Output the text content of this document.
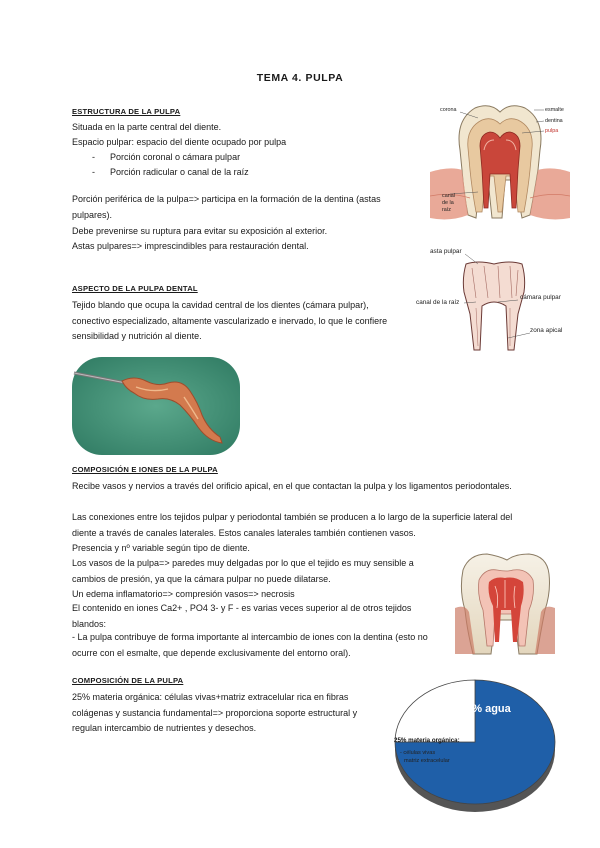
TEMA 4. PULPA
ESTRUCTURA DE LA PULPA
Situada en la parte central del diente.
Espacio pulpar: espacio del diente ocupado por pulpa
- Porción coronal o cámara pulpar
- Porción radicular o canal de la raíz
Porción periférica de la pulpa=> participa en la formación de la dentina (astas pulpares).
Debe prevenirse su ruptura para evitar su exposición al exterior.
Astas pulpares=> imprescindibles para restauración dental.
corona	esmalte
dentina
pulpa
canal
de la
raíz
ASPECTO DE LA PULPA DENTAL
Tejido blando que ocupa la cavidad central de los dientes (cámara pulpar), conectivo especializado, altamente vascularizado e inervado, lo que le confiere sensibilidad y nutrición al diente.
asta pulpar
cámara pulpar
canal de la raíz
zona apical
COMPOSICIÓN E IONES DE LA PULPA
Recibe vasos y nervios a través del orificio apical, en el que contactan la pulpa y los ligamentos periodontales.
Las conexiones entre los tejidos pulpar y periodontal también se producen a lo largo de la superficie lateral del diente a través de canales laterales. Estos canales laterales también contienen vasos.
Presencia y nº variable según tipo de diente.
Los vasos de la pulpa=> paredes muy delgadas por lo que el tejido es muy sensible a cambios de presión, ya que la cámara pulpar no puede dilatarse.
Un edema inflamatorio=> compresión vasos=> necrosis
El contenido en iones Ca2+ , PO4 3- y F - es varias veces superior al de otros tejidos blandos:
- La pulpa contribuye de forma importante al intercambio de iones con la dentina (esto no ocurre con el esmalte, que depende exclusivamente del entorno oral).
COMPOSICIÓN DE LA PULPA
25% materia orgánica: células vivas+matriz extracelular rica en fibras colágenas y sustancia fundamental=> proporciona soporte estructural y regulan intercambio de nutrientes y desechos.
75% agua
25% materia orgánica:
- células vivas
matriz extracelular
